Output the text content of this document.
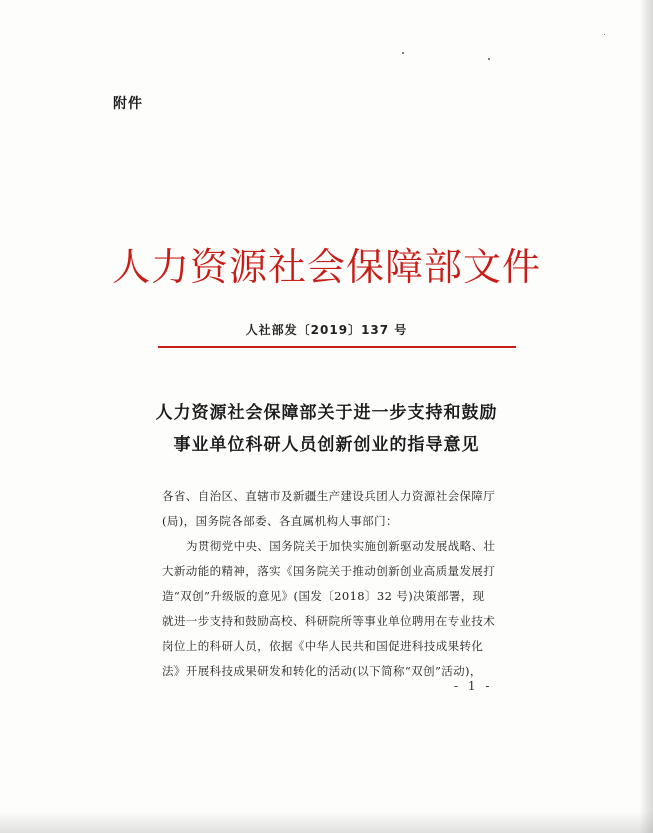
附件
人力资源社会保障部文件
人社部发〔2019〕137 号
人力资源社会保障部关于进一步支持和鼓励
事业单位科研人员创新创业的指导意见
各省、自治区、直辖市及新疆生产建设兵团人力资源社会保障厅
(局)，国务院各部委、各直属机构人事部门：
为贯彻党中央、国务院关于加快实施创新驱动发展战略、壮
大新动能的精神，落实《国务院关于推动创新创业高质量发展打
造“双创”升级版的意见》(国发〔2018〕32 号)决策部署，现
就进一步支持和鼓励高校、科研院所等事业单位聘用在专业技术
岗位上的科研人员，依据《中华人民共和国促进科技成果转化
法》开展科技成果研发和转化的活动(以下简称“双创”活动)，
- 1 -
